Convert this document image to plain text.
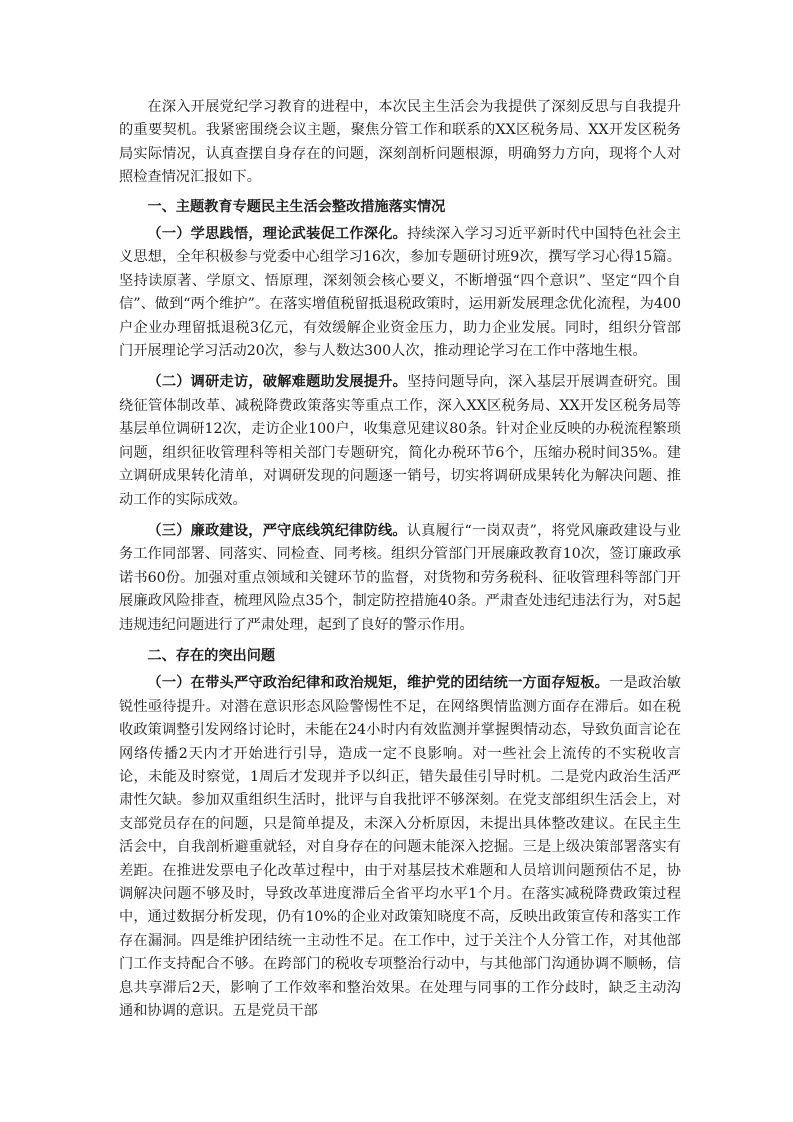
在深入开展党纪学习教育的进程中，本次民主生活会为我提供了深刻反思与自我提升的重要契机。我紧密围绕会议主题，聚焦分管工作和联系的XX区税务局、XX开发区税务局实际情况，认真查摆自身存在的问题，深刻剖析问题根源，明确努力方向，现将个人对照检查情况汇报如下。

一、主题教育专题民主生活会整改措施落实情况

（一）学思践悟，理论武装促工作深化。持续深入学习习近平新时代中国特色社会主义思想，全年积极参与党委中心组学习16次，参加专题研讨班9次，撰写学习心得15篇。坚持读原著、学原文、悟原理，深刻领会核心要义，不断增强“四个意识”、坚定“四个自信”、做到“两个维护”。在落实增值税留抵退税政策时，运用新发展理念优化流程，为400户企业办理留抵退税3亿元，有效缓解企业资金压力，助力企业发展。同时，组织分管部门开展理论学习活动20次，参与人数达300人次，推动理论学习在工作中落地生根。

（二）调研走访，破解难题助发展提升。坚持问题导向，深入基层开展调查研究。围绕征管体制改革、减税降费政策落实等重点工作，深入XX区税务局、XX开发区税务局等基层单位调研12次，走访企业100户，收集意见建议80条。针对企业反映的办税流程繁琐问题，组织征收管理科等相关部门专题研究，简化办税环节6个，压缩办税时间35%。建立调研成果转化清单，对调研发现的问题逐一销号，切实将调研成果转化为解决问题、推动工作的实际成效。

（三）廉政建设，严守底线筑纪律防线。认真履行“一岗双责”，将党风廉政建设与业务工作同部署、同落实、同检查、同考核。组织分管部门开展廉政教育10次，签订廉政承诺书60份。加强对重点领域和关键环节的监督，对货物和劳务税科、征收管理科等部门开展廉政风险排查，梳理风险点35个，制定防控措施40条。严肃查处违纪违法行为，对5起违规违纪问题进行了严肃处理，起到了良好的警示作用。

二、存在的突出问题

（一）在带头严守政治纪律和政治规矩，维护党的团结统一方面存短板。一是政治敏锐性亟待提升。对潜在意识形态风险警惕性不足，在网络舆情监测方面存在滞后。如在税收政策调整引发网络讨论时，未能在24小时内有效监测并掌握舆情动态，导致负面言论在网络传播2天内才开始进行引导，造成一定不良影响。对一些社会上流传的不实税收言论，未能及时察觉，1周后才发现并予以纠正，错失最佳引导时机。二是党内政治生活严肃性欠缺。参加双重组织生活时，批评与自我批评不够深刻。在党支部组织生活会上，对支部党员存在的问题，只是简单提及，未深入分析原因，未提出具体整改建议。在民主生活会中，自我剖析避重就轻，对自身存在的问题未能深入挖掘。三是上级决策部署落实有差距。在推进发票电子化改革过程中，由于对基层技术难题和人员培训问题预估不足，协调解决问题不够及时，导致改革进度滞后全省平均水平1个月。在落实减税降费政策过程中，通过数据分析发现，仍有10%的企业对政策知晓度不高，反映出政策宣传和落实工作存在漏洞。四是维护团结统一主动性不足。在工作中，过于关注个人分管工作，对其他部门工作支持配合不够。在跨部门的税收专项整治行动中，与其他部门沟通协调不顺畅，信息共享滞后2天，影响了工作效率和整治效果。在处理与同事的工作分歧时，缺乏主动沟通和协调的意识。五是党员干部
